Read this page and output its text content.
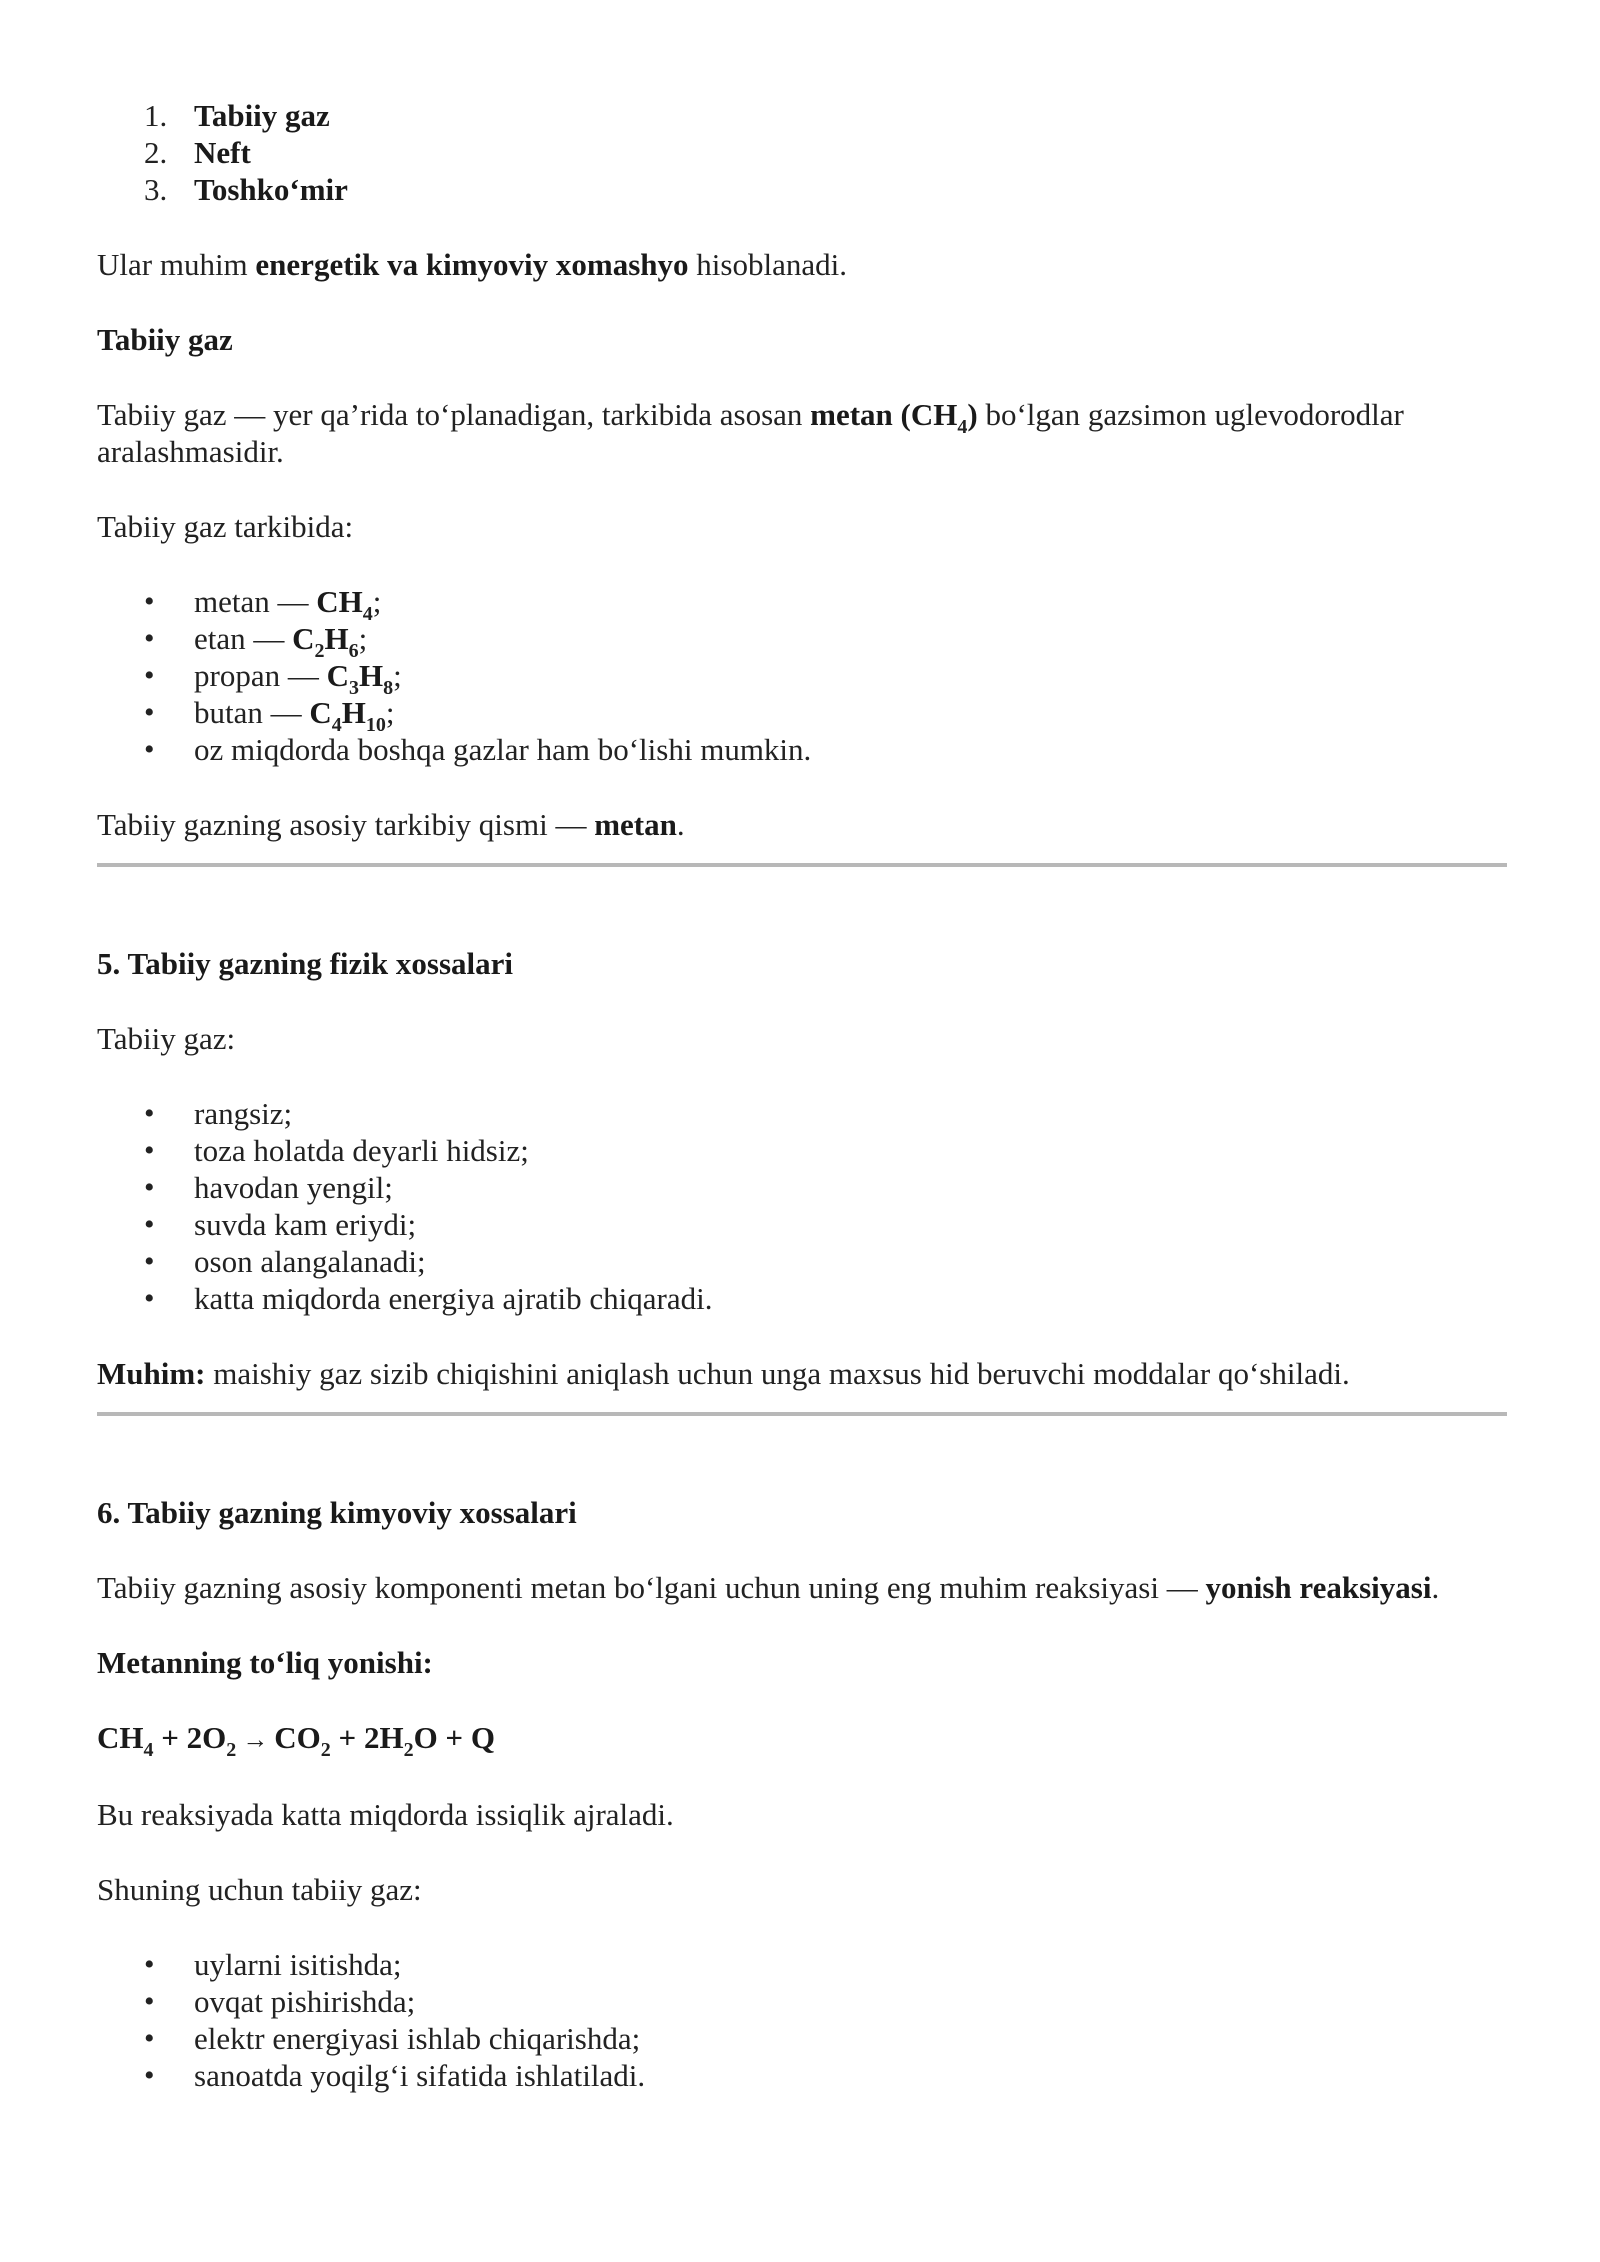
1. Tabiiy gaz
2. Neft
3. Toshko‘mir

Ular muhim energetik va kimyoviy xomashyo hisoblanadi.

Tabiiy gaz

Tabiiy gaz — yer qa’rida to‘planadigan, tarkibida asosan metan $(CH_4)$ bo‘lgan gazsimon uglevodorodlar aralashmasidir.

Tabiiy gaz tarkibida:

• metan — $CH_4$;
• etan — $C_2H_6$;
• propan — $C_3H_8$;
• butan — $C_4H_{10}$;
• oz miqdorda boshqa gazlar ham bo‘lishi mumkin.

Tabiiy gazning asosiy tarkibiy qismi — metan.

5. Tabiiy gazning fizik xossalari

Tabiiy gaz:

• rangsiz;
• toza holatda deyarli hidsiz;
• havodan yengil;
• suvda kam eriydi;
• oson alangalanadi;
• katta miqdorda energiya ajratib chiqaradi.

Muhim: maishiy gaz sizib chiqishini aniqlash uchun unga maxsus hid beruvchi moddalar qo‘shiladi.

6. Tabiiy gazning kimyoviy xossalari

Tabiiy gazning asosiy komponenti metan bo‘lgani uchun uning eng muhim reaksiyasi — yonish reaksiyasi.

Metanning to‘liq yonishi:

$CH_4 + 2O_2 \to CO_2 + 2H_2O + Q$

Bu reaksiyada katta miqdorda issiqlik ajraladi.

Shuning uchun tabiiy gaz:

• uylarni isitishda;
• ovqat pishirishda;
• elektr energiyasi ishlab chiqarishda;
• sanoatda yoqilg‘i sifatida ishlatiladi.
